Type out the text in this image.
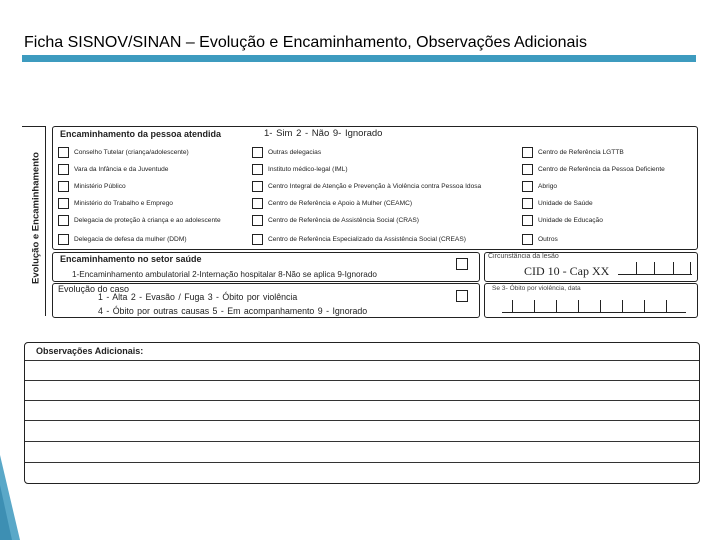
Ficha SISNOV/SINAN – Evolução e Encaminhamento, Observações Adicionais
Evolução e Encaminhamento
Encaminhamento da pessoa atendida	1- Sim 2 - Não 9- Ignorado
Conselho Tutelar (criança/adolescente)
Vara da Infância e da Juventude
Ministério Público
Ministério do Trabalho e Emprego
Delegacia de proteção à criança e ao adolescente
Delegacia de defesa da mulher (DDM)
Outras delegacias
Instituto médico-legal (IML)
Centro Integral de Atenção e Prevenção à Violência contra Pessoa Idosa
Centro de Referência e Apoio à Mulher (CEAMC)
Centro de Referência de Assistência Social (CRAS)
Centro de Referência Especializado da Assistência Social (CREAS)
Centro de Referência LGTTB
Centro de Referência da Pessoa Deficiente
Abrigo
Unidade de Saúde
Unidade de Educação
Outros
Encaminhamento no setor saúde
1-Encaminhamento ambulatorial 2-Internação hospitalar 8-Não se aplica 9-Ignorado
Circunstância da lesão
CID 10 - Cap XX
Evolução do caso
1 - Alta 2 - Evasão / Fuga 3 - Óbito por violência
4 - Óbito por outras causas 5 - Em acompanhamento 9 - Ignorado
Se 3- Óbito por violência, data
Observações Adicionais:
